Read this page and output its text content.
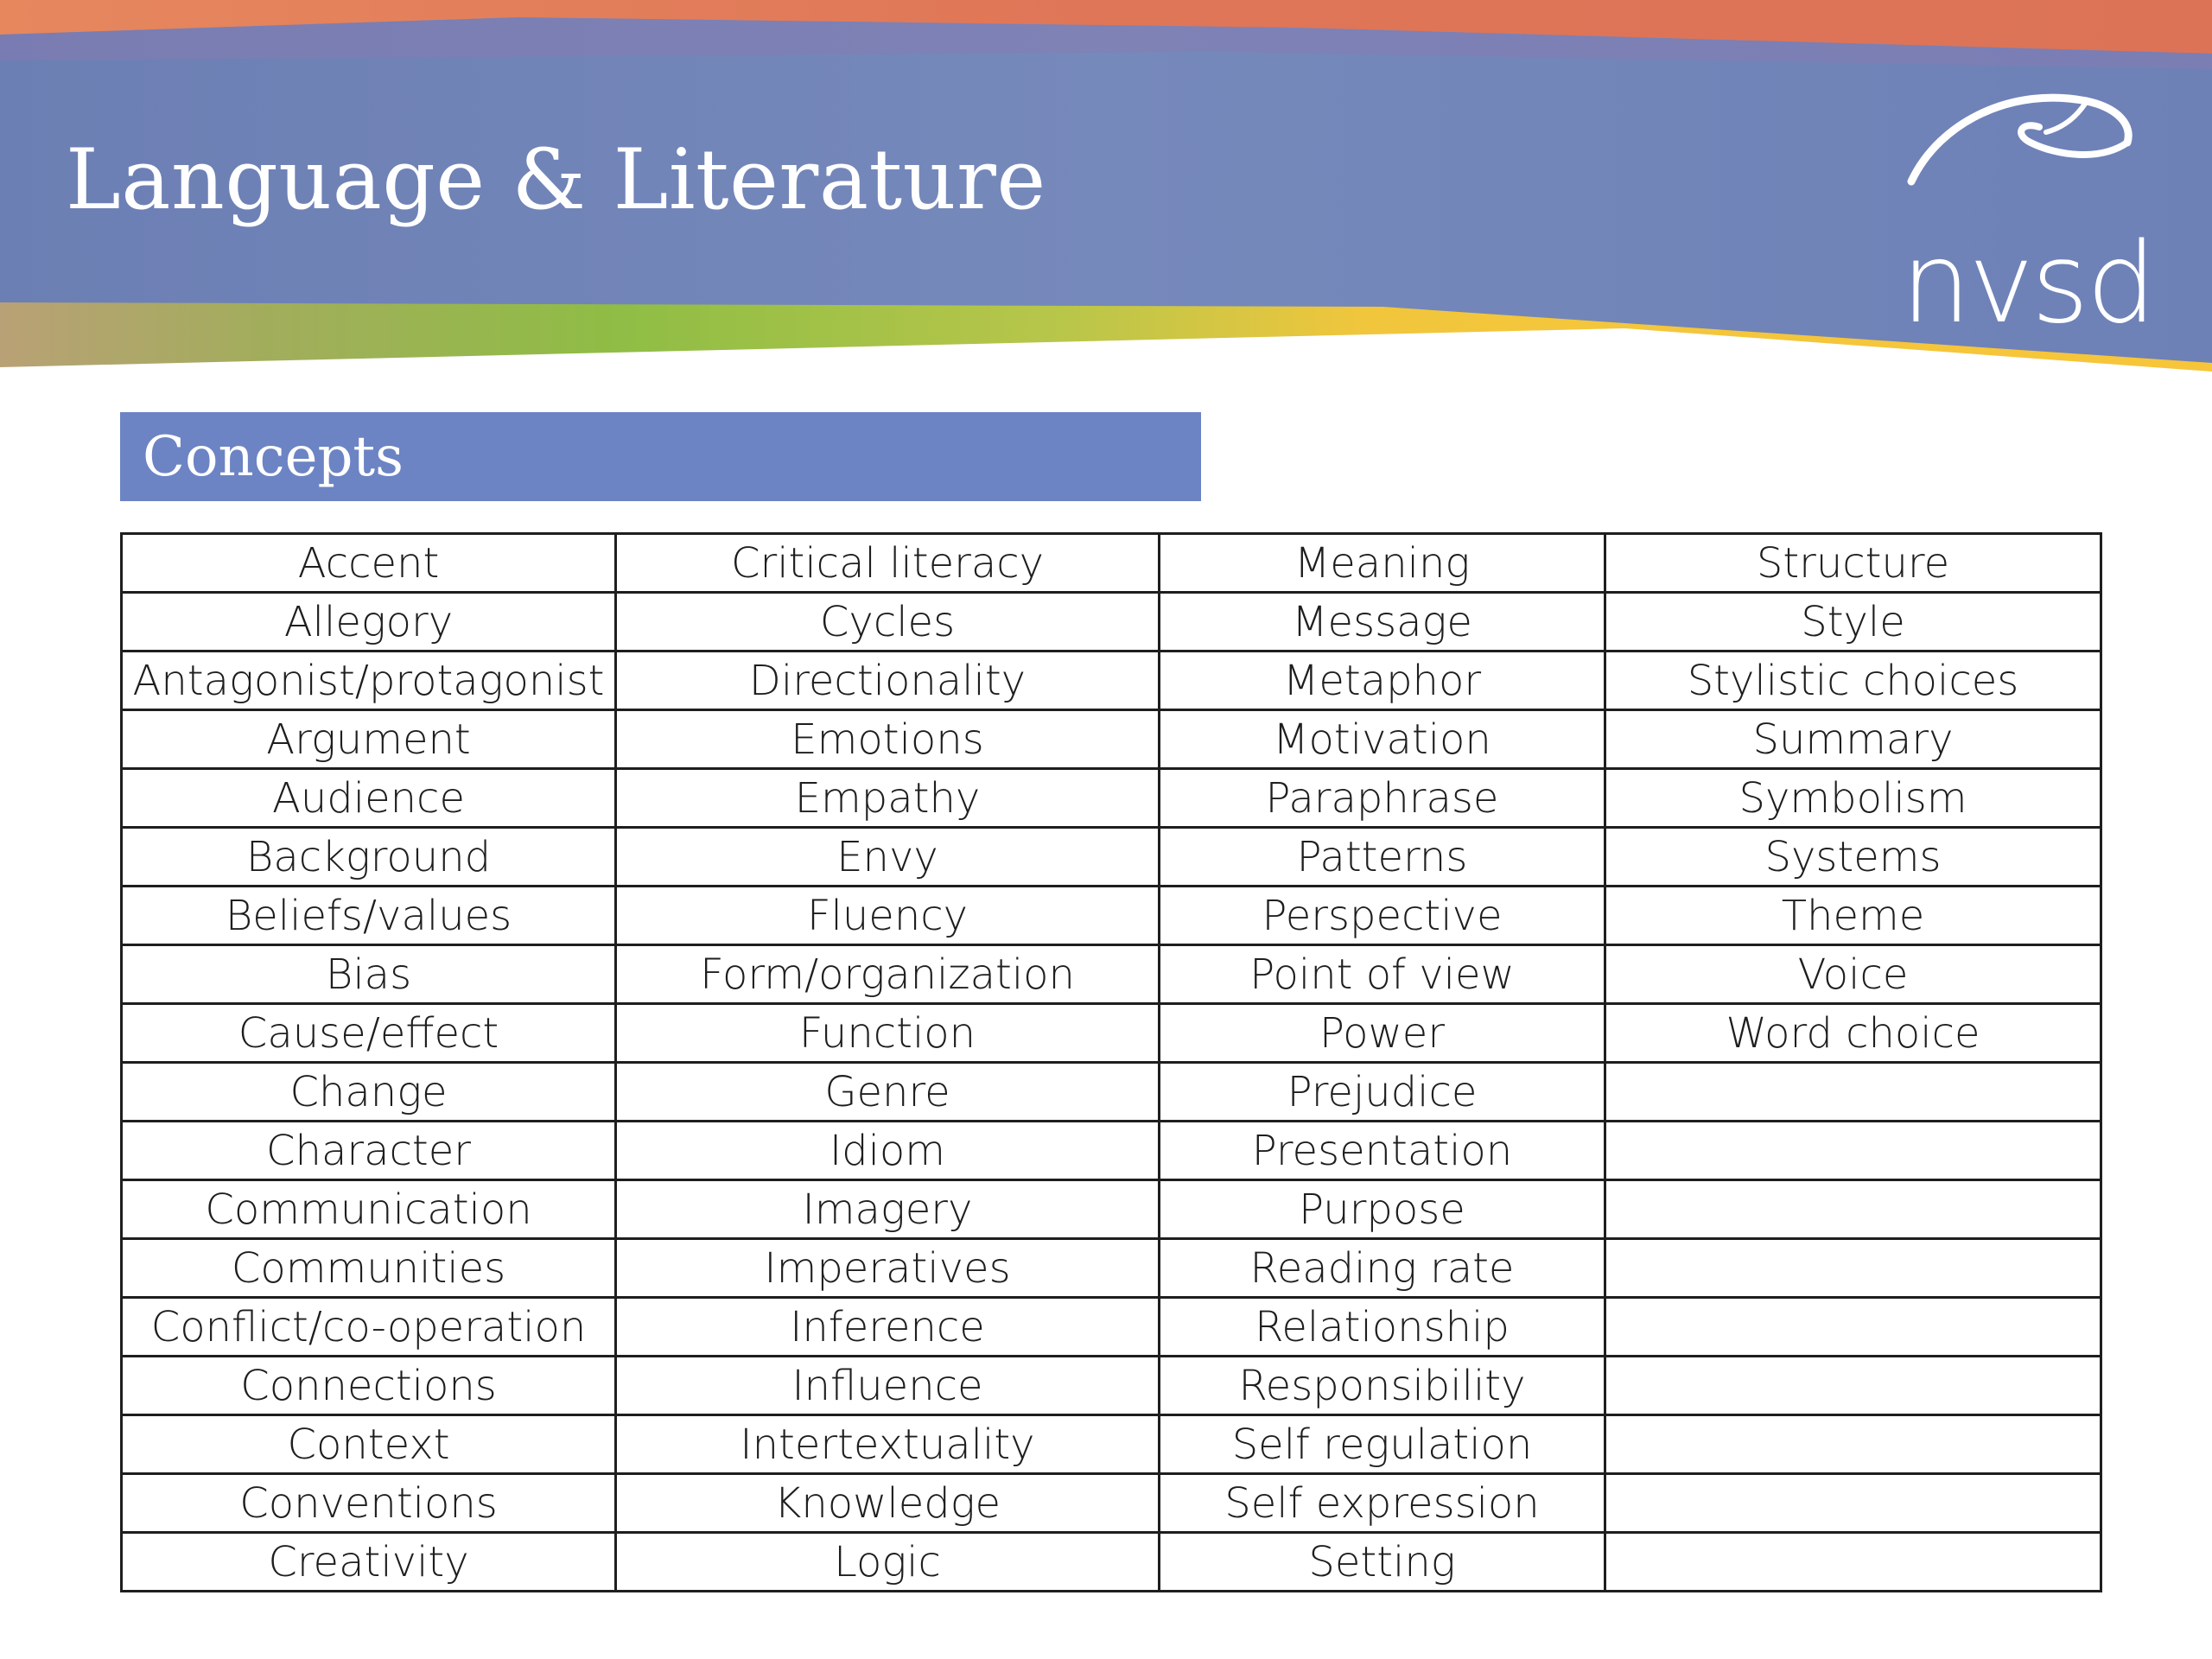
Language & Literature
nvsd
Concepts
Accent	Critical literacy	Meaning	Structure
Allegory	Cycles	Message	Style
Antagonist/protagonist	Directionality	Metaphor	Stylistic choices
Argument	Emotions	Motivation	Summary
Audience	Empathy	Paraphrase	Symbolism
Background	Envy	Patterns	Systems
Beliefs/values	Fluency	Perspective	Theme
Bias	Form/organization	Point of view	Voice
Cause/effect	Function	Power	Word choice
Change	Genre	Prejudice	
Character	Idiom	Presentation	
Communication	Imagery	Purpose	
Communities	Imperatives	Reading rate	
Conflict/co-operation	Inference	Relationship	
Connections	Influence	Responsibility	
Context	Intertextuality	Self regulation	
Conventions	Knowledge	Self expression	
Creativity	Logic	Setting	
